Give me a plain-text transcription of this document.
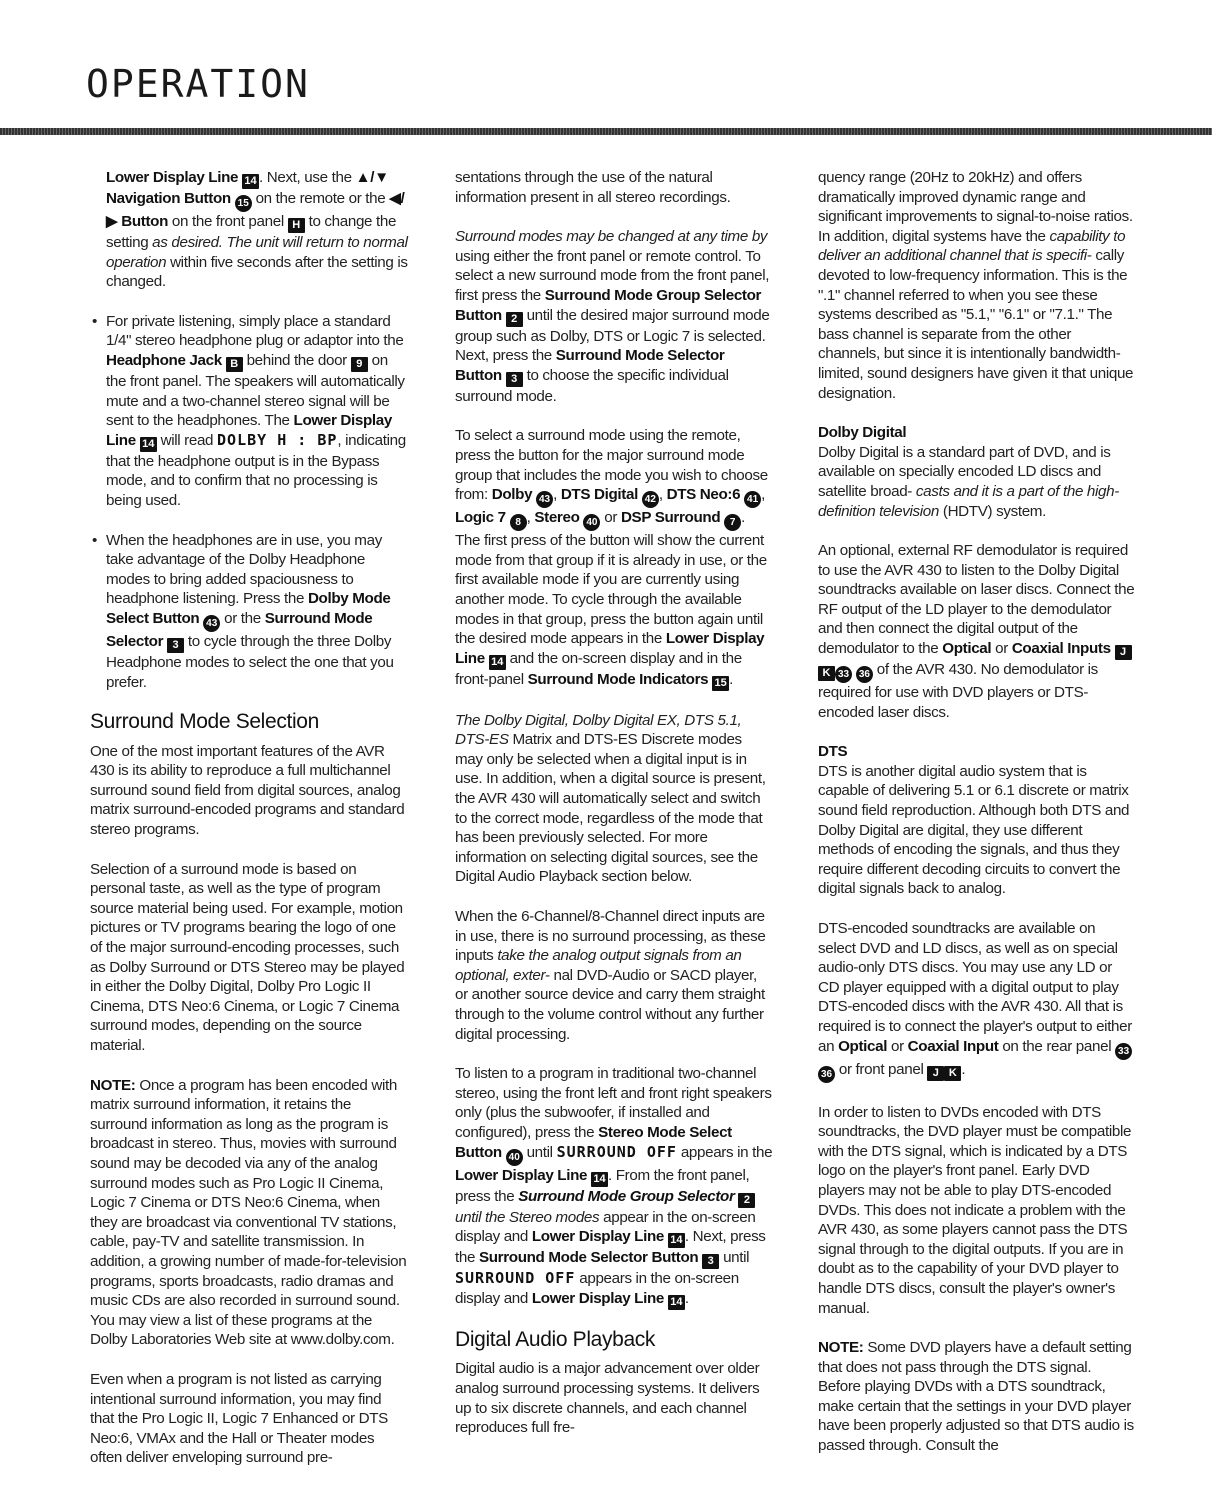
OPERATION
Lower Display Line 14 . Next, use the ▲/▼ Navigation Button 15 on the remote or the ◀/▶ Button on the front panel H to change the setting as desired. The unit will return to normal operation within five seconds after the setting is changed.
• For private listening, simply place a standard 1/4" stereo headphone plug or adaptor into the Headphone Jack B behind the door 9 on the front panel. The speakers will automatically mute and a two-channel stereo signal will be sent to the headphones. The Lower Display Line 14 will read DOLBY H : BP, indicating that the headphone output is in the Bypass mode, and to confirm that no processing is being used.
• When the headphones are in use, you may take advantage of the Dolby Headphone modes to bring added spaciousness to headphone listening. Press the Dolby Mode Select Button 43 or the Surround Mode Selector 3 to cycle through the three Dolby Headphone modes to select the one that you prefer.
Surround Mode Selection
One of the most important features of the AVR 430 is its ability to reproduce a full multichannel surround sound field from digital sources, analog matrix surround-encoded programs and standard stereo programs.
Selection of a surround mode is based on personal taste, as well as the type of program source material being used. For example, motion pictures or TV programs bearing the logo of one of the major surround-encoding processes, such as Dolby Surround or DTS Stereo may be played in either the Dolby Digital, Dolby Pro Logic II Cinema, DTS Neo:6 Cinema, or Logic 7 Cinema surround modes, depending on the source material.
NOTE: Once a program has been encoded with matrix surround information, it retains the surround information as long as the program is broadcast in stereo. Thus, movies with surround sound may be decoded via any of the analog surround modes such as Pro Logic II Cinema, Logic 7 Cinema or DTS Neo:6 Cinema, when they are broadcast via conventional TV stations, cable, pay-TV and satellite transmission. In addition, a growing number of made-for-television programs, sports broadcasts, radio dramas and music CDs are also recorded in surround sound. You may view a list of these programs at the Dolby Laboratories Web site at www.dolby.com.
Even when a program is not listed as carrying intentional surround information, you may find that the Pro Logic II, Logic 7 Enhanced or DTS Neo:6, VMAx and the Hall or Theater modes often deliver enveloping surround pre-
sentations through the use of the natural information present in all stereo recordings.
Surround modes may be changed at any time by using either the front panel or remote control. To select a new surround mode from the front panel, first press the Surround Mode Group Selector Button 2 until the desired major surround mode group such as Dolby, DTS or Logic 7 is selected. Next, press the Surround Mode Selector Button 3 to choose the specific individual surround mode.
To select a surround mode using the remote, press the button for the major surround mode group that includes the mode you wish to choose from: Dolby 43 , DTS Digital 42 , DTS Neo:6 41 , Logic 7 8 , Stereo 40 or DSP Surround 7 . The first press of the button will show the current mode from that group if it is already in use, or the first available mode if you are currently using another mode. To cycle through the available modes in that group, press the button again until the desired mode appears in the Lower Display Line 14 and the on-screen display and in the front-panel Surround Mode Indicators 15 .
The Dolby Digital, Dolby Digital EX, DTS 5.1, DTS-ES Matrix and DTS-ES Discrete modes may only be selected when a digital input is in use. In addition, when a digital source is present, the AVR 430 will automatically select and switch to the correct mode, regardless of the mode that has been previously selected. For more information on selecting digital sources, see the Digital Audio Playback section below.
When the 6-Channel/8-Channel direct inputs are in use, there is no surround processing, as these inputs take the analog output signals from an optional, exter- nal DVD-Audio or SACD player, or another source device and carry them straight through to the volume control without any further digital processing.
To listen to a program in traditional two-channel stereo, using the front left and front right speakers only (plus the subwoofer, if installed and configured), press the Stereo Mode Select Button 40 until SURROUND OFF appears in the Lower Display Line 14 . From the front panel, press the Surround Mode Group Selector 2 until the Stereo modes appear in the on-screen display and Lower Display Line 14 . Next, press the Surround Mode Selector Button 3 until SURROUND OFF appears in the on-screen display and Lower Display Line 14 .
Digital Audio Playback
Digital audio is a major advancement over older analog surround processing systems. It delivers up to six discrete channels, and each channel reproduces full fre-
quency range (20Hz to 20kHz) and offers dramatically improved dynamic range and significant improvements to signal-to-noise ratios. In addition, digital systems have the capability to deliver an additional channel that is specifi- cally devoted to low-frequency information. This is the ".1" channel referred to when you see these systems described as "5.1," "6.1" or "7.1." The bass channel is separate from the other channels, but since it is intentionally bandwidth-limited, sound designers have given it that unique designation.
Dolby Digital
Dolby Digital is a standard part of DVD, and is available on specially encoded LD discs and satellite broad- casts and it is a part of the high-definition television (HDTV) system.
An optional, external RF demodulator is required to use the AVR 430 to listen to the Dolby Digital soundtracks available on laser discs. Connect the RF output of the LD player to the demodulator and then connect the digital output of the demodulator to the Optical or Coaxial Inputs JK 33 36 of the AVR 430. No demodulator is required for use with DVD players or DTS-encoded laser discs.
DTS
DTS is another digital audio system that is capable of delivering 5.1 or 6.1 discrete or matrix sound field reproduction. Although both DTS and Dolby Digital are digital, they use different methods of encoding the signals, and thus they require different decoding circuits to convert the digital signals back to analog.
DTS-encoded soundtracks are available on select DVD and LD discs, as well as on special audio-only DTS discs. You may use any LD or CD player equipped with a digital output to play DTS-encoded discs with the AVR 430. All that is required is to connect the player's output to either an Optical or Coaxial Input on the rear panel 3336 or front panel J K .
In order to listen to DVDs encoded with DTS soundtracks, the DVD player must be compatible with the DTS signal, which is indicated by a DTS logo on the player's front panel. Early DVD players may not be able to play DTS-encoded DVDs. This does not indicate a problem with the AVR 430, as some players cannot pass the DTS signal through to the digital outputs. If you are in doubt as to the capability of your DVD player to handle DTS discs, consult the player's owner's manual.
NOTE: Some DVD players have a default setting that does not pass through the DTS signal. Before playing DVDs with a DTS soundtrack, make certain that the settings in your DVD player have been properly adjusted so that DTS audio is passed through. Consult the
